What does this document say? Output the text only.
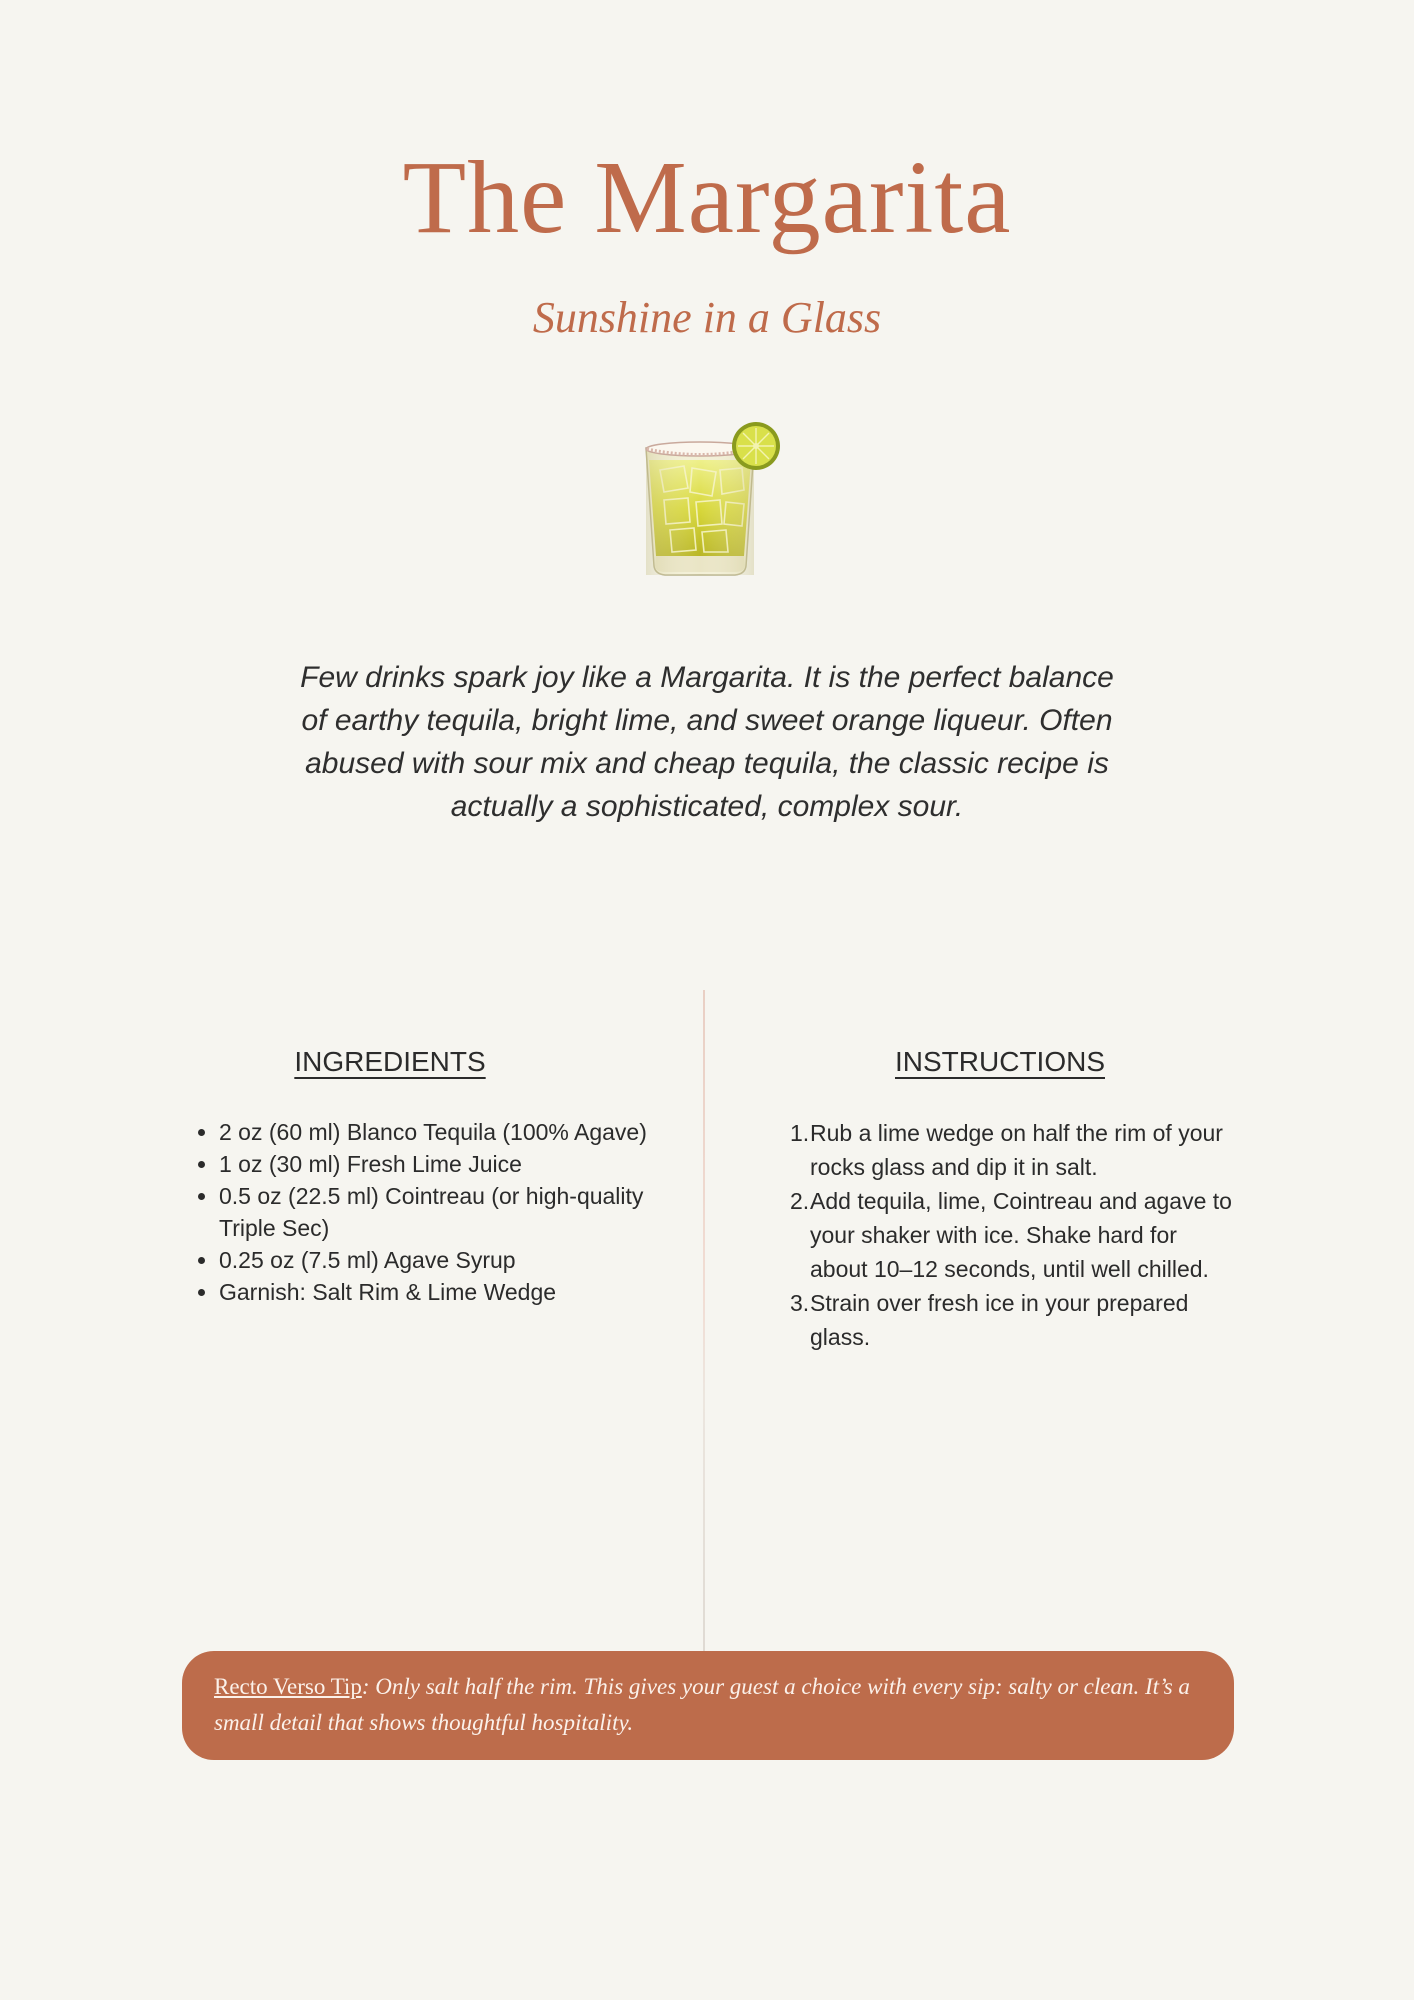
The Margarita
Sunshine in a Glass
Few drinks spark joy like a Margarita. It is the perfect balance of earthy tequila, bright lime, and sweet orange liqueur. Often abused with sour mix and cheap tequila, the classic recipe is actually a sophisticated, complex sour.
INGREDIENTS
• 2 oz (60 ml) Blanco Tequila (100% Agave)
• 1 oz (30 ml) Fresh Lime Juice
• 0.5 oz (22.5 ml) Cointreau (or high-quality Triple Sec)
• 0.25 oz (7.5 ml) Agave Syrup
• Garnish: Salt Rim & Lime Wedge
INSTRUCTIONS
1. Rub a lime wedge on half the rim of your rocks glass and dip it in salt.
2. Add tequila, lime, Cointreau and agave to your shaker with ice. Shake hard for about 10–12 seconds, until well chilled.
3. Strain over fresh ice in your prepared glass.
Recto Verso Tip: Only salt half the rim. This gives your guest a choice with every sip: salty or clean. It’s a small detail that shows thoughtful hospitality.
